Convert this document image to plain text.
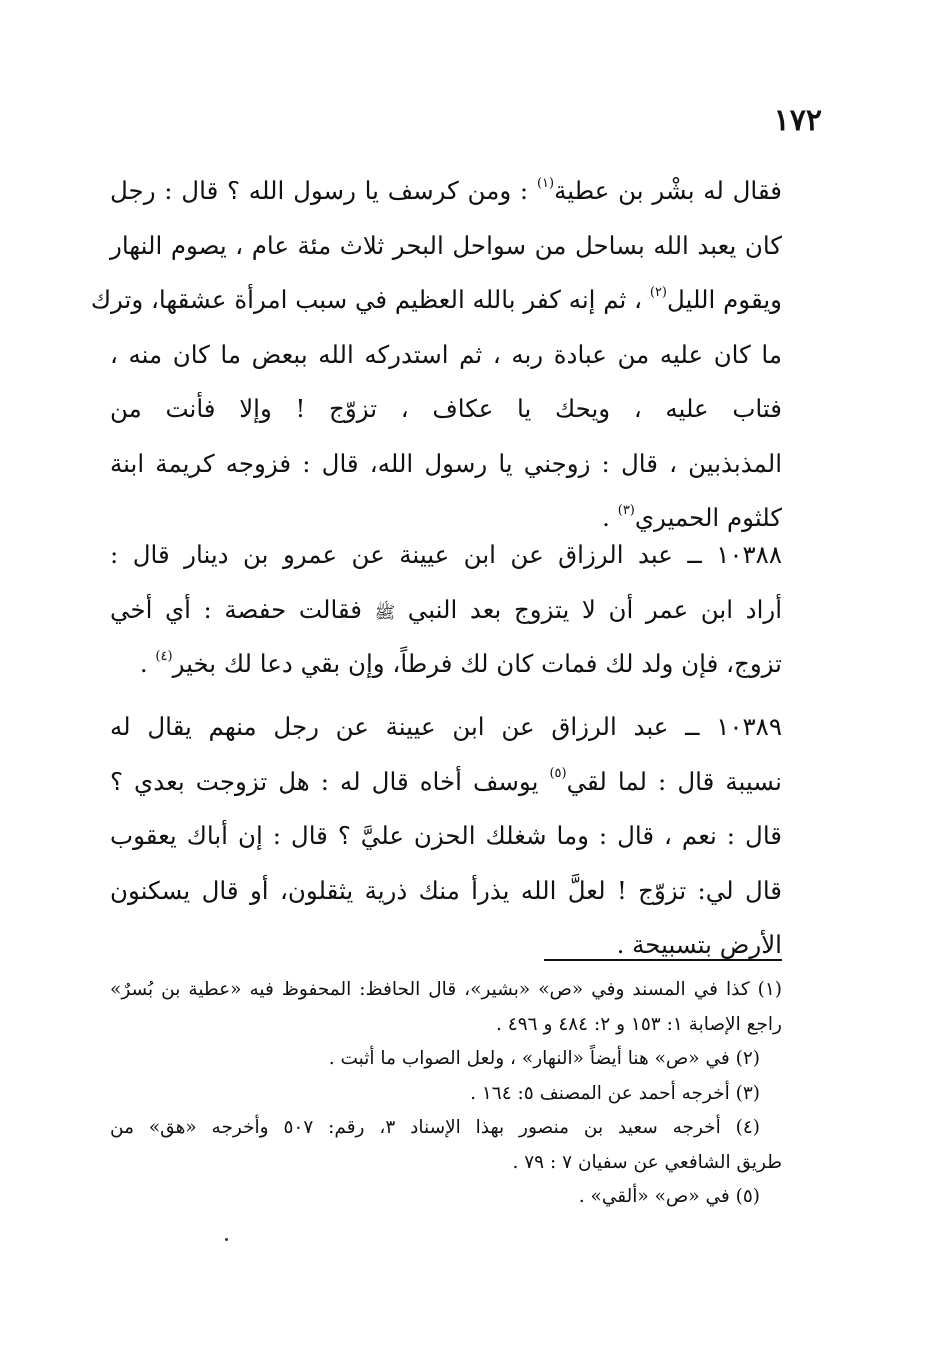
١٧٢
فقال له بشْر بن عطية$^{(١)}$ : ومن كرسف يا رسول الله ؟ قال : رجل
كان يعبد الله بساحل من سواحل البحر ثلاث مئة عام ، يصوم النهار
ويقوم الليل$^{(٢)}$ ، ثم إنه كفر بالله العظيم في سبب امرأة عشقها، وترك
ما كان عليه من عبادة ربه ، ثم استدركه الله ببعض ما كان منه ،
فتاب عليه ، ويحك يا عكاف ، تزوّج ! وإلا فأنت من
المذبذبين ، قال : زوجني يا رسول الله، قال : فزوجه كريمة ابنة
كلثوم الحميري$^{(٣)}$ .
١٠٣٨٨ ــ عبد الرزاق عن ابن عيينة عن عمرو بن دينار قال :
أراد ابن عمر أن لا يتزوج بعد النبي ﷺ فقالت حفصة : أي أخي
تزوج، فإن ولد لك فمات كان لك فرطاً، وإن بقي دعا لك بخير$^{(٤)}$ .
١٠٣٨٩ ــ عبد الرزاق عن ابن عيينة عن رجل منهم يقال له
نسيبة قال : لما لقي$^{(٥)}$ يوسف أخاه قال له : هل تزوجت بعدي ؟
قال : نعم ، قال : وما شغلك الحزن عليَّ ؟ قال : إن أباك يعقوب
قال لي: تزوّج ! لعلَّ الله يذرأ منك ذرية يثقلون، أو قال يسكنون
الأرض بتسبيحة .
(١) كذا في المسند وفي «ص» «بشير»، قال الحافظ: المحفوظ فيه «عطية بن بُسرٌ»
راجع الإصابة ١: ١٥٣ و ٢: ٤٨٤ و ٤٩٦ .
(٢) في «ص» هنا أيضاً «النهار» ، ولعل الصواب ما أثبت .
(٣) أخرجه أحمد عن المصنف ٥: ١٦٤ .
(٤) أخرجه سعيد بن منصور بهذا الإسناد ٣، رقم: ٥٠٧ وأخرجه «هق» من
طريق الشافعي عن سفيان ٧ : ٧٩ .
(٥) في «ص» «ألقي» .
